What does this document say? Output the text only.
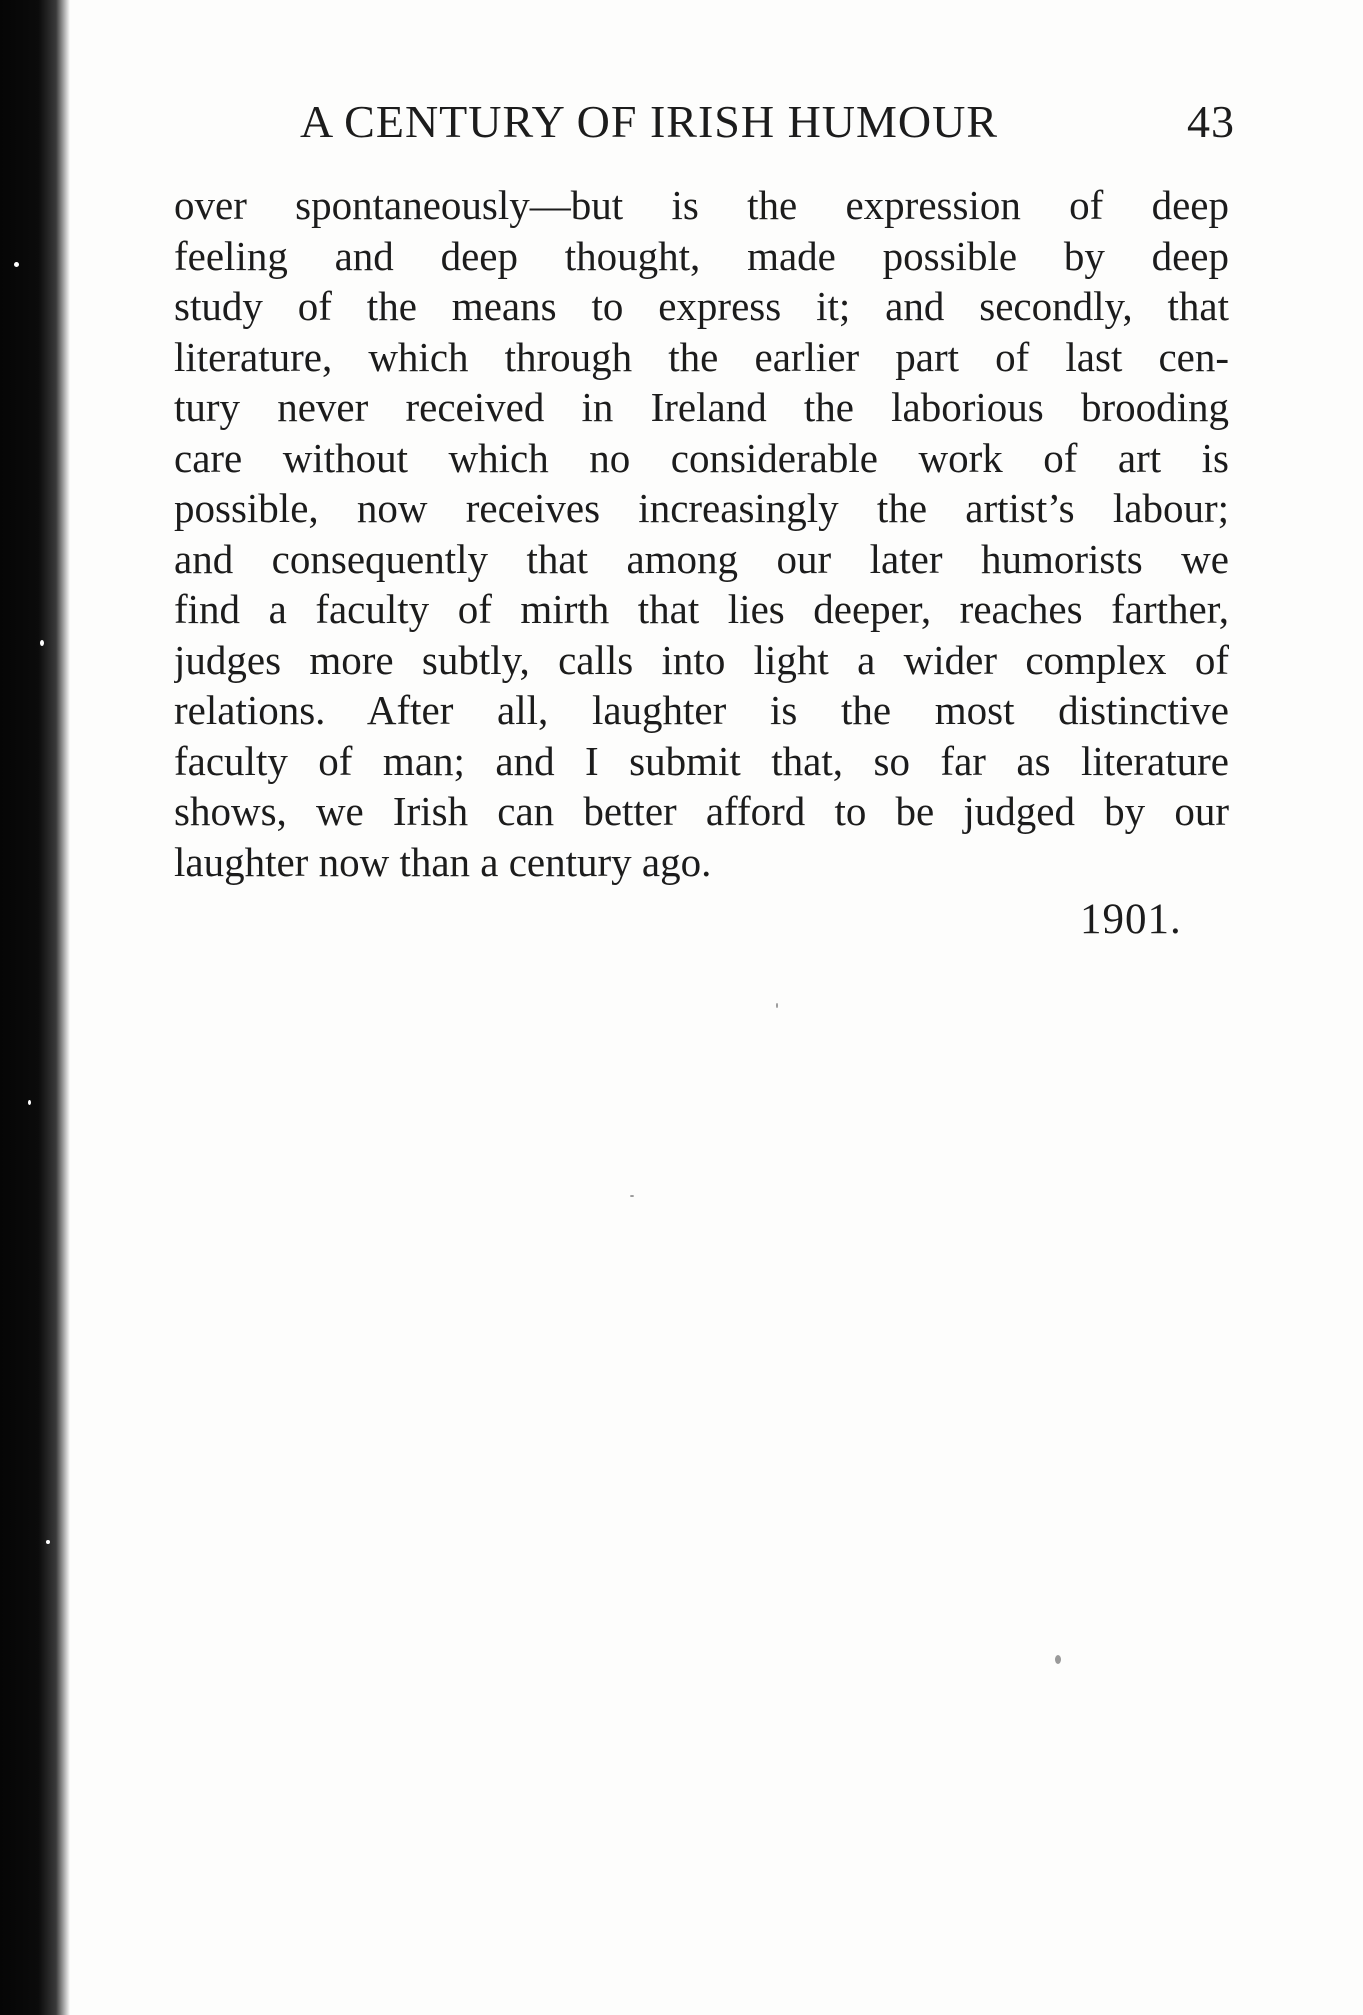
A CENTURY OF IRISH HUMOUR	43
over spontaneously—but is the expression of deep
feeling and deep thought, made possible by deep
study of the means to express it; and secondly, that
literature, which through the earlier part of last cen-
tury never received in Ireland the laborious brooding
care without which no considerable work of art is
possible, now receives increasingly the artist’s labour;
and consequently that among our later humorists we
find a faculty of mirth that lies deeper, reaches farther,
judges more subtly, calls into light a wider complex of
relations. After all, laughter is the most distinctive
faculty of man; and I submit that, so far as literature
shows, we Irish can better afford to be judged by our
laughter now than a century ago.
1901.
